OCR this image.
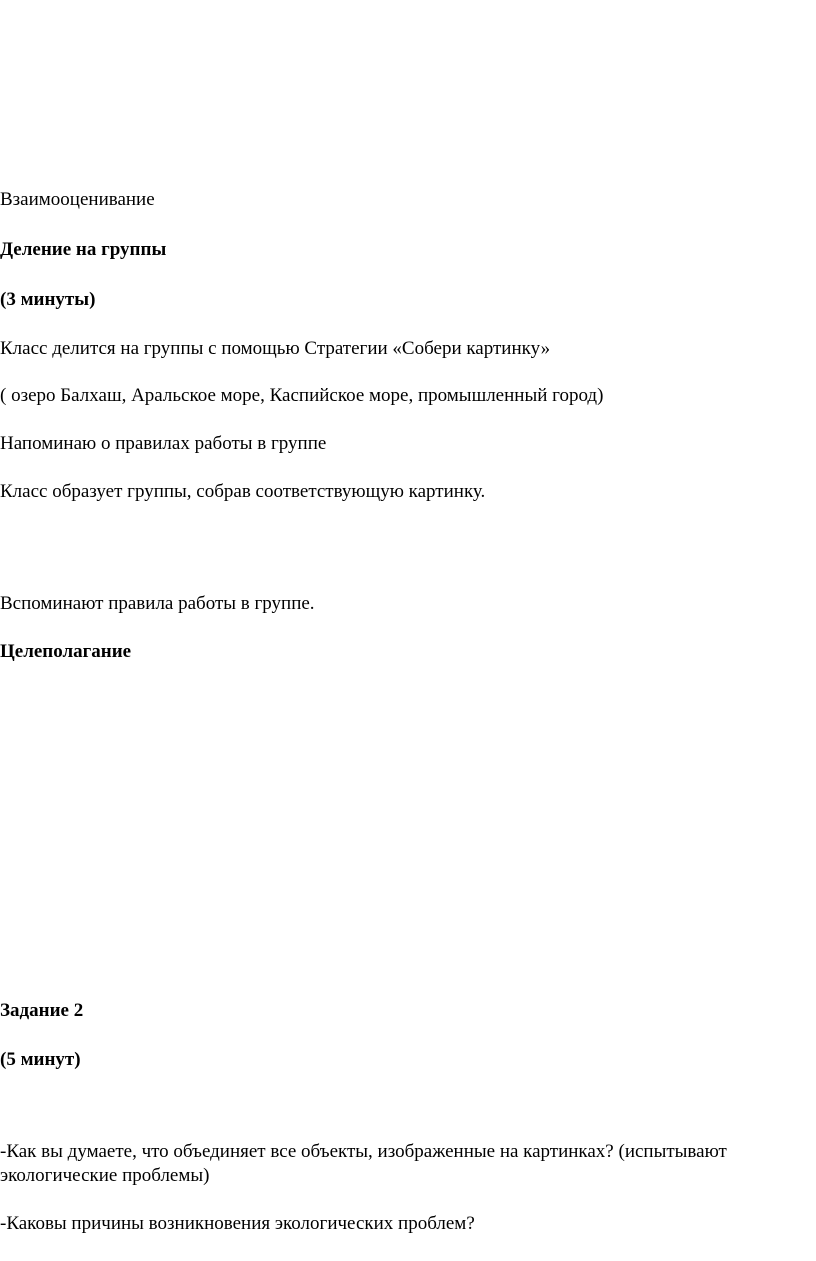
Взаимооценивание

Деление на группы

(3 минуты)

Класс делится на группы с помощью Стратегии «Собери картинку»

( озеро Балхаш, Аральское море, Каспийское море, промышленный город)

Напоминаю о правилах работы в группе

Класс образует группы, собрав соответствующую картинку.

Вспоминают правила работы в группе.

Целеполагание

Задание 2

(5 минут)

-Как вы думаете, что объединяет все объекты, изображенные на картинках? (испытывают экологические проблемы)

-Каковы причины возникновения экологических проблем?
